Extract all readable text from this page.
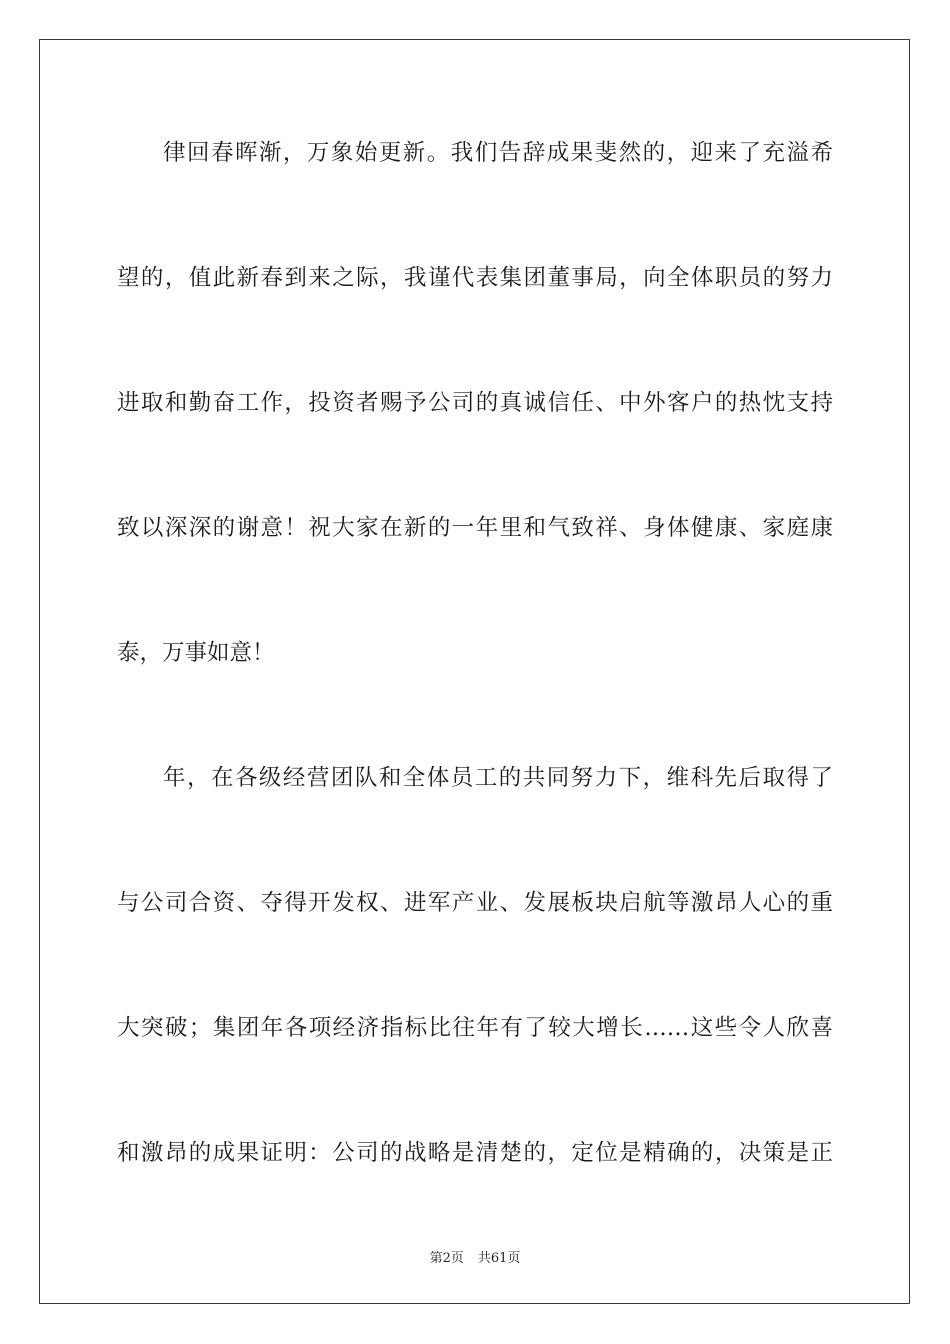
律回春晖渐，万象始更新。我们告辞成果斐然的，迎来了充溢希
望的，值此新春到来之际，我谨代表集团董事局，向全体职员的努力
进取和勤奋工作，投资者赐予公司的真诚信任、中外客户的热忱支持
致以深深的谢意！祝大家在新的一年里和气致祥、身体健康、家庭康
泰，万事如意！
年，在各级经营团队和全体员工的共同努力下，维科先后取得了
与公司合资、夺得开发权、进军产业、发展板块启航等激昂人心的重
大突破；集团年各项经济指标比往年有了较大增长……这些令人欣喜
和激昂的成果证明：公司的战略是清楚的，定位是精确的，决策是正
第2页 共61页
